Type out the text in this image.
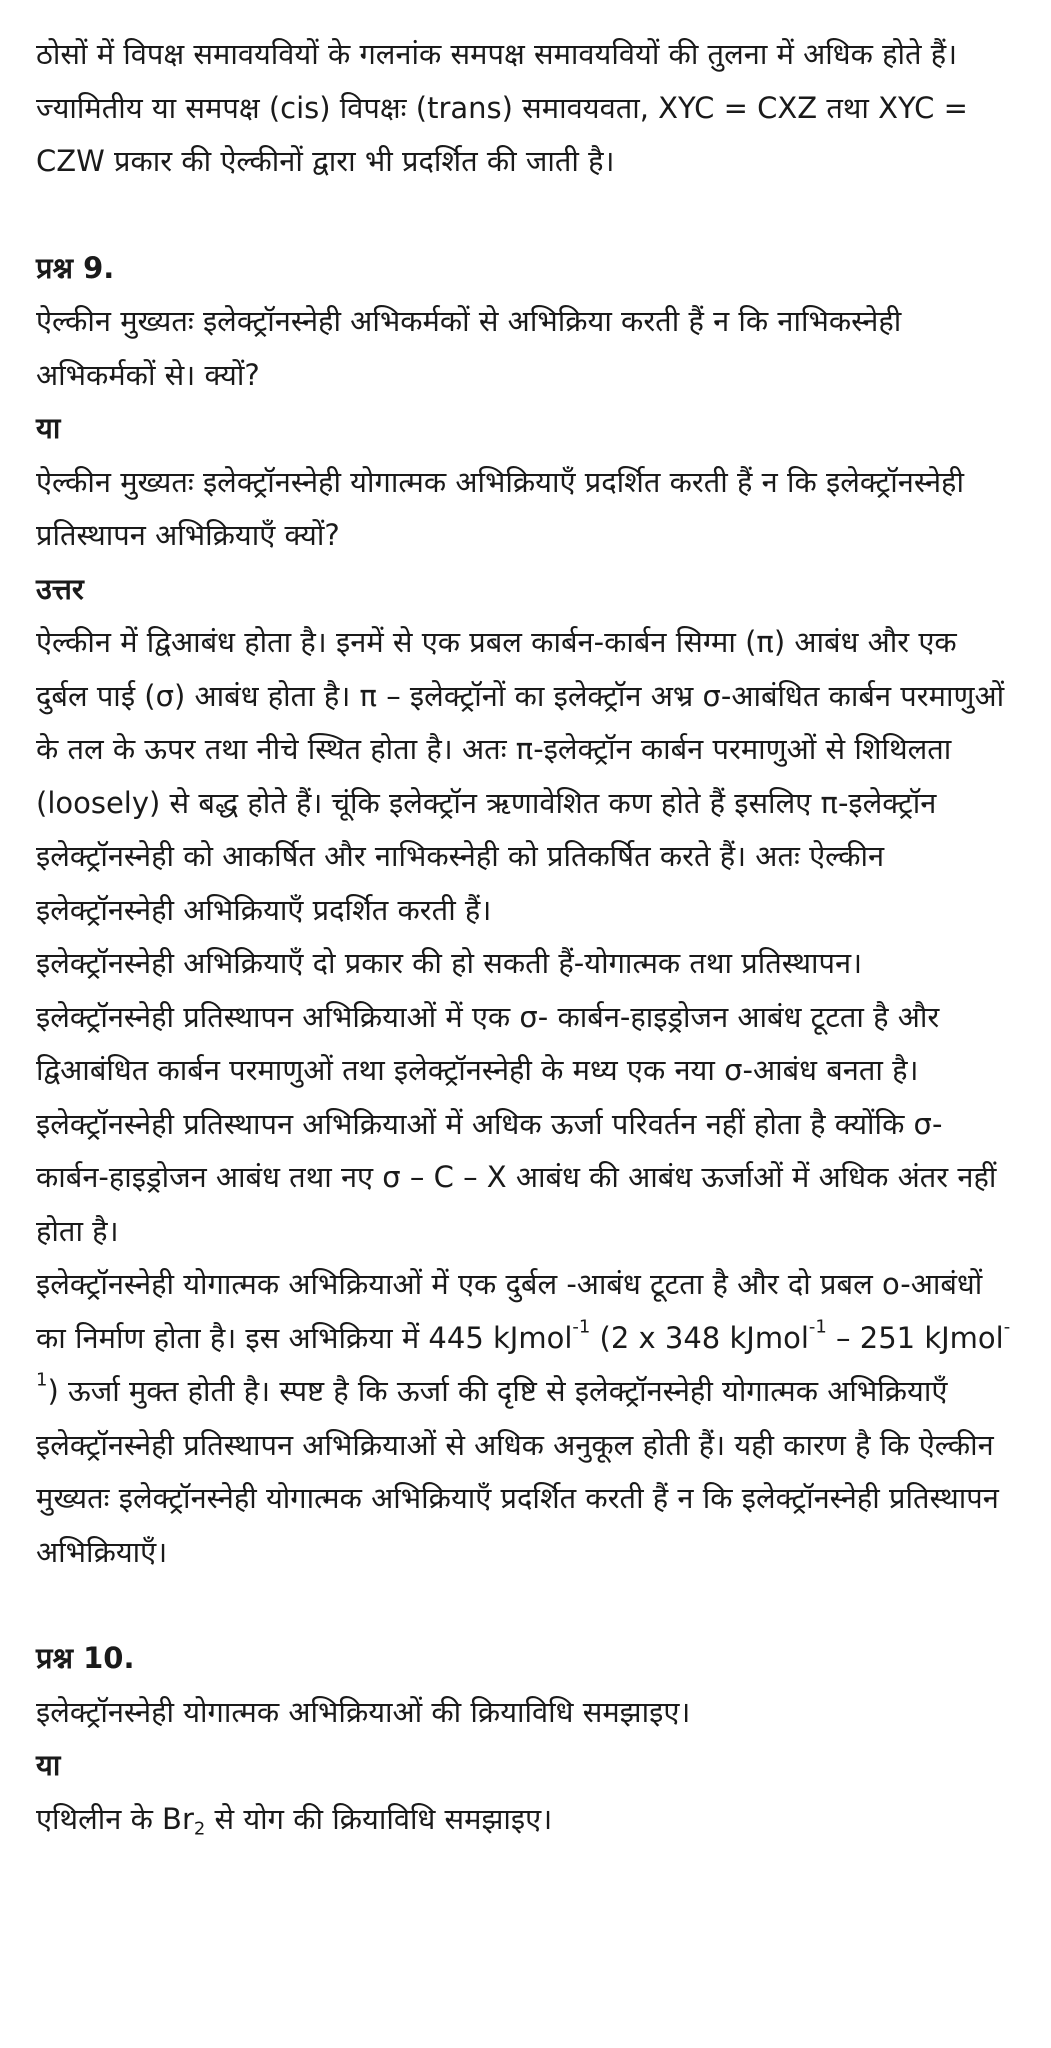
ठोसों में विपक्ष समावयवियों के गलनांक समपक्ष समावयवियों की तुलना में अधिक होते हैं। ज्यामितीय या समपक्ष (cis) विपक्षः (trans) समावयवता, XYC = CXZ तथा XYC = CZW प्रकार की ऐल्कीनों द्वारा भी प्रदर्शित की जाती है।

प्रश्न 9.

ऐल्कीन मुख्यतः इलेक्ट्रॉनस्नेही अभिकर्मकों से अभिक्रिया करती हैं न कि नाभिकस्नेही अभिकर्मकों से। क्यों?

या

ऐल्कीन मुख्यतः इलेक्ट्रॉनस्नेही योगात्मक अभिक्रियाएँ प्रदर्शित करती हैं न कि इलेक्ट्रॉनस्नेही प्रतिस्थापन अभिक्रियाएँ क्यों?

उत्तर

ऐल्कीन में द्विआबंध होता है। इनमें से एक प्रबल कार्बन-कार्बन सिग्मा (π) आबंध और एक दुर्बल पाई (σ) आबंध होता है। π – इलेक्ट्रॉनों का इलेक्ट्रॉन अभ्र σ-आबंधित कार्बन परमाणुओं के तल के ऊपर तथा नीचे स्थित होता है। अतः π-इलेक्ट्रॉन कार्बन परमाणुओं से शिथिलता (loosely) से बद्ध होते हैं। चूंकि इलेक्ट्रॉन ऋणावेशित कण होते हैं इसलिए π-इलेक्ट्रॉन इलेक्ट्रॉनस्नेही को आकर्षित और नाभिकस्नेही को प्रतिकर्षित करते हैं। अतः ऐल्कीन इलेक्ट्रॉनस्नेही अभिक्रियाएँ प्रदर्शित करती हैं।

इलेक्ट्रॉनस्नेही अभिक्रियाएँ दो प्रकार की हो सकती हैं-योगात्मक तथा प्रतिस्थापन।

इलेक्ट्रॉनस्नेही प्रतिस्थापन अभिक्रियाओं में एक σ- कार्बन-हाइड्रोजन आबंध टूटता है और द्विआबंधित कार्बन परमाणुओं तथा इलेक्ट्रॉनस्नेही के मध्य एक नया σ-आबंध बनता है। इलेक्ट्रॉनस्नेही प्रतिस्थापन अभिक्रियाओं में अधिक ऊर्जा परिवर्तन नहीं होता है क्योंकि σ-कार्बन-हाइड्रोजन आबंध तथा नए σ – C – X आबंध की आबंध ऊर्जाओं में अधिक अंतर नहीं होता है।

इलेक्ट्रॉनस्नेही योगात्मक अभिक्रियाओं में एक दुर्बल -आबंध टूटता है और दो प्रबल o-आबंधों का निर्माण होता है। इस अभिक्रिया में 445 kJmol$^{-1}$ (2 x 348 kJmol$^{-1}$ – 251 kJmol$^{-1}$) ऊर्जा मुक्त होती है। स्पष्ट है कि ऊर्जा की दृष्टि से इलेक्ट्रॉनस्नेही योगात्मक अभिक्रियाएँ इलेक्ट्रॉनस्नेही प्रतिस्थापन अभिक्रियाओं से अधिक अनुकूल होती हैं। यही कारण है कि ऐल्कीन मुख्यतः इलेक्ट्रॉनस्नेही योगात्मक अभिक्रियाएँ प्रदर्शित करती हैं न कि इलेक्ट्रॉनस्नेही प्रतिस्थापन अभिक्रियाएँ।

प्रश्न 10.

इलेक्ट्रॉनस्नेही योगात्मक अभिक्रियाओं की क्रियाविधि समझाइए।

या

एथिलीन के $Br_2$ से योग की क्रियाविधि समझाइए।
